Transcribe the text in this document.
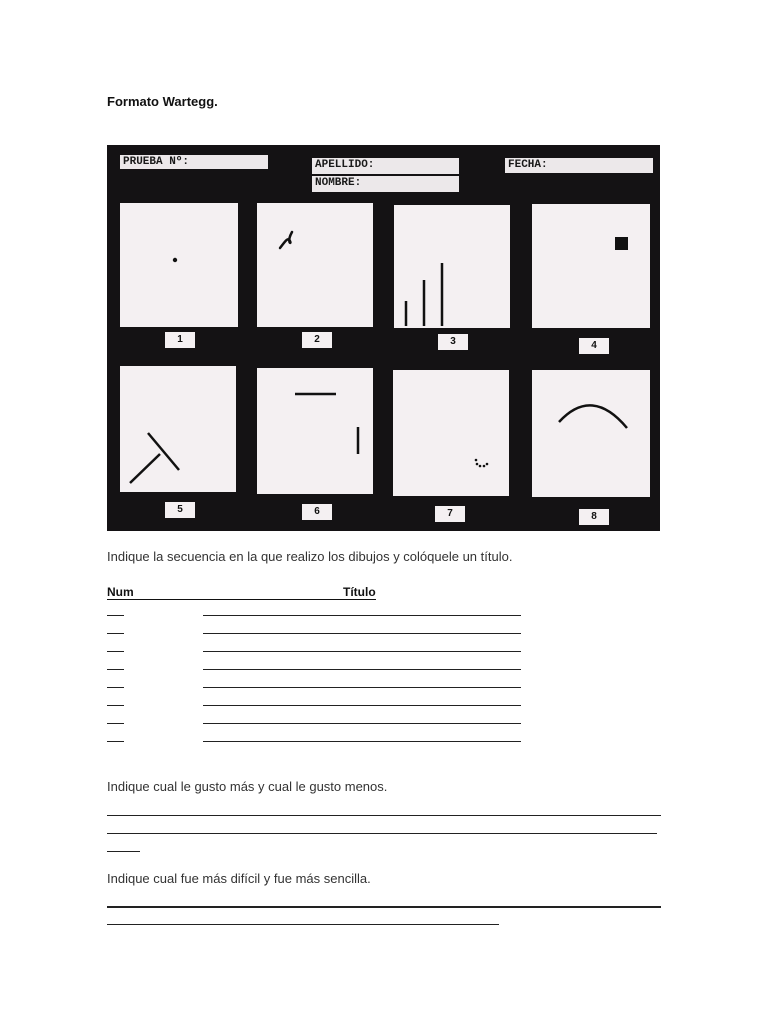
Formato Wartegg.
PRUEBA Nº:	APELLIDO:
NOMBRE:
FECHA:
1	2	3	4
5	6	7	8
Indique la secuencia en la que realizo los dibujos y colóquele un título.
Num	Título
Indique cual le gusto más y cual le gusto menos.
Indique cual fue más difícil y fue más sencilla.
